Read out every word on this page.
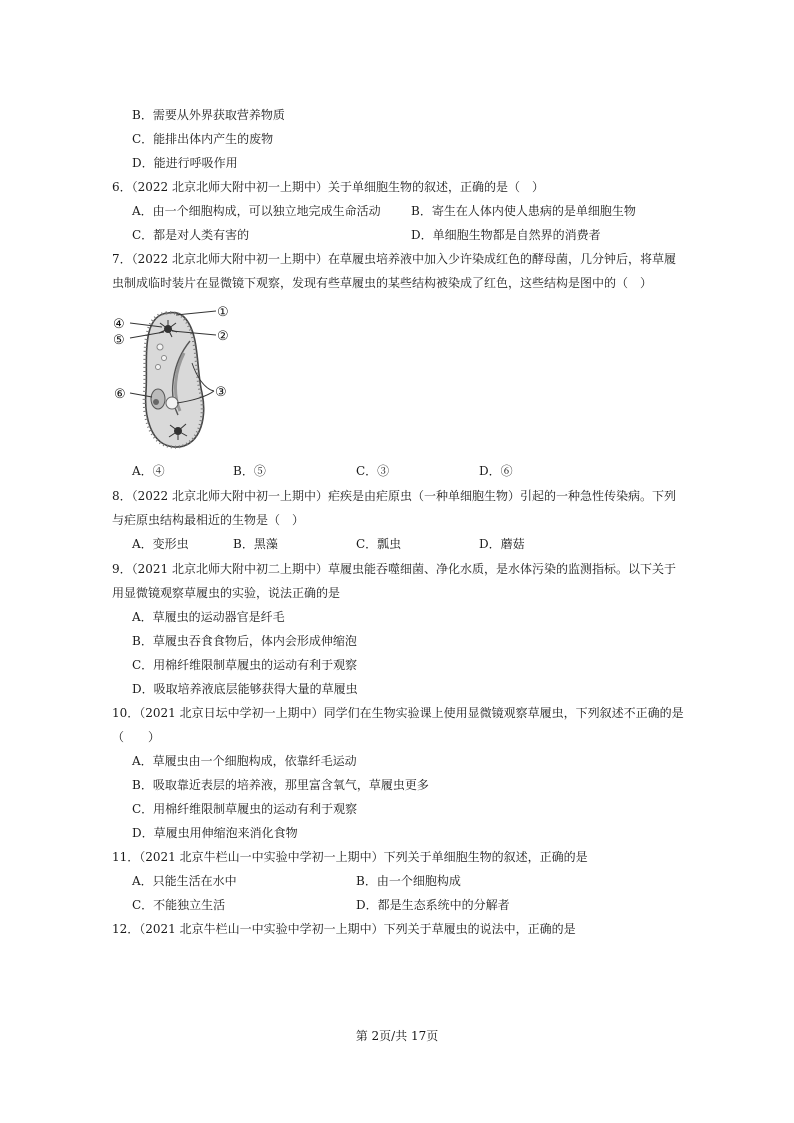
B．需要从外界获取营养物质
C．能排出体内产生的废物
D．能进行呼吸作用
6．（2022 北京北师大附中初一上期中）关于单细胞生物的叙述，正确的是（　）
A．由一个细胞构成，可以独立地完成生命活动	B．寄生在人体内使人患病的是单细胞生物
C．都是对人类有害的	D．单细胞生物都是自然界的消费者
7．（2022 北京北师大附中初一上期中）在草履虫培养液中加入少许染成红色的酵母菌，几分钟后，将草履
虫制成临时装片在显微镜下观察，发现有些草履虫的某些结构被染成了红色，这些结构是图中的（　）
①
②
③
④
⑤
⑥
A．④	B．⑤	C．③	D．⑥
8．（2022 北京北师大附中初一上期中）疟疾是由疟原虫（一种单细胞生物）引起的一种急性传染病。下列
与疟原虫结构最相近的生物是（　）
A．变形虫	B．黑藻	C．瓢虫	D．蘑菇
9．（2021 北京北师大附中初二上期中）草履虫能吞噬细菌、净化水质，是水体污染的监测指标。以下关于
用显微镜观察草履虫的实验，说法正确的是
A．草履虫的运动器官是纤毛
B．草履虫吞食食物后，体内会形成伸缩泡
C．用棉纤维限制草履虫的运动有利于观察
D．吸取培养液底层能够获得大量的草履虫
10．（2021 北京日坛中学初一上期中）同学们在生物实验课上使用显微镜观察草履虫，下列叙述不正确的是
（　　）
A．草履虫由一个细胞构成，依靠纤毛运动
B．吸取靠近表层的培养液，那里富含氧气，草履虫更多
C．用棉纤维限制草履虫的运动有利于观察
D．草履虫用伸缩泡来消化食物
11．（2021 北京牛栏山一中实验中学初一上期中）下列关于单细胞生物的叙述，正确的是
A．只能生活在水中	B．由一个细胞构成
C．不能独立生活	D．都是生态系统中的分解者
12．（2021 北京牛栏山一中实验中学初一上期中）下列关于草履虫的说法中，正确的是
第 2页/共 17页
